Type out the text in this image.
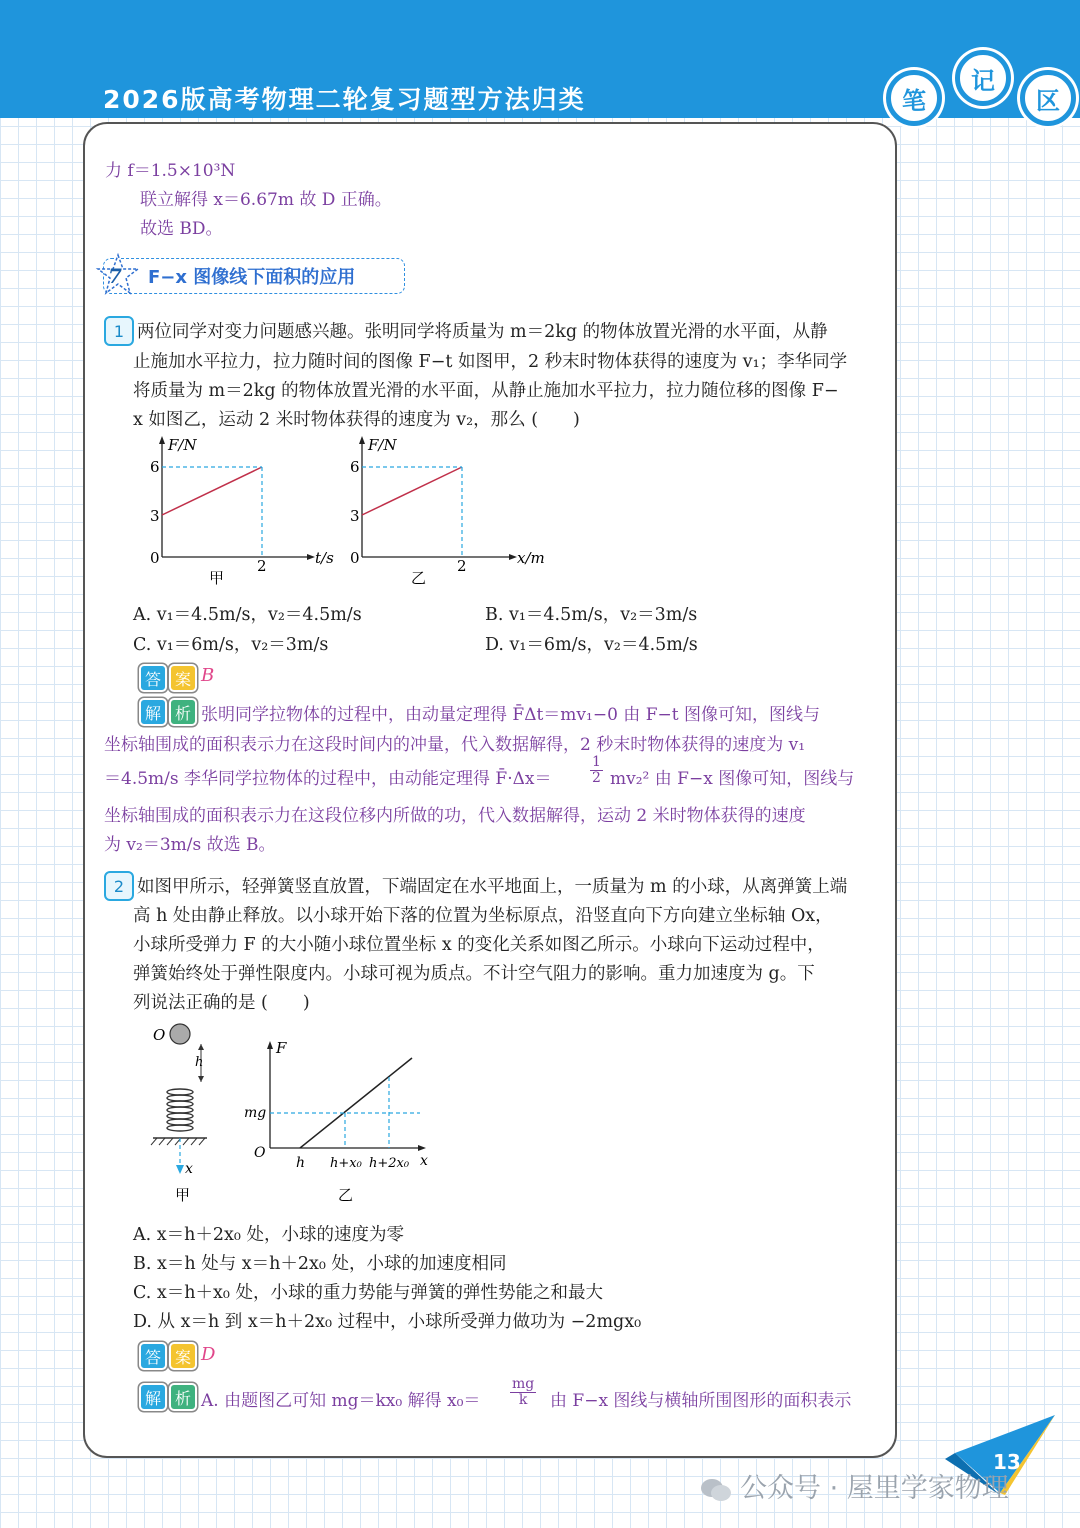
2026版高考物理二轮复习题型方法归类	笔
记
区
力 f＝1.5×10³N
联立解得 x＝6.67m 故 D 正确。
故选 BD。
7	F−x 图像线下面积的应用
1 两位同学对变力问题感兴趣。张明同学将质量为 m＝2kg 的物体放置光滑的水平面，从静
止施加水平拉力，拉力随时间的图像 F−t 如图甲，2 秒末时物体获得的速度为 v₁；李华同学
将质量为 m＝2kg 的物体放置光滑的水平面，从静止施加水平拉力，拉力随位移的图像 F−
x 如图乙，运动 2 米时物体获得的速度为 v₂，那么 (　　)
F/N
6
3
0	2	t/s
甲
F/N
6
3
0	2	x/m
乙
A. v₁＝4.5m/s，v₂＝4.5m/s	B. v₁＝4.5m/s，v₂＝3m/s
C. v₁＝6m/s，v₂＝3m/s	D. v₁＝6m/s，v₂＝4.5m/s
答 案 B
解 析 张明同学拉物体的过程中，由动量定理得 F̄Δt＝mv₁−0 由 F−t 图像可知，图线与
坐标轴围成的面积表示力在这段时间内的冲量，代入数据解得，2 秒末时物体获得的速度为 v₁
＝4.5m/s 李华同学拉物体的过程中，由动能定理得 F̄·Δx＝	$\frac{1}{2} mv_2^2$ 由 F−x 图像可知，图线与
坐标轴围成的面积表示力在这段位移内所做的功，代入数据解得，运动 2 米时物体获得的速度
为 v₂＝3m/s 故选 B。
2 如图甲所示，轻弹簧竖直放置，下端固定在水平地面上，一质量为 m 的小球，从离弹簧上端
高 h 处由静止释放。以小球开始下落的位置为坐标原点，沿竖直向下方向建立坐标轴 Ox，
小球所受弹力 F 的大小随小球位置坐标 x 的变化关系如图乙所示。小球向下运动过程中，
弹簧始终处于弹性限度内。小球可视为质点。不计空气阻力的影响。重力加速度为 g。下
列说法正确的是 (　　)
O
h
x
甲
F
mg
O
h h+x₀ h+2x₀ x
乙
A. x＝h＋2x₀ 处，小球的速度为零
B. x＝h 处与 x＝h＋2x₀ 处，小球的加速度相同
C. x＝h＋x₀ 处，小球的重力势能与弹簧的弹性势能之和最大
D. 从 x＝h 到 x＝h＋2x₀ 过程中，小球所受弹力做功为 −2mgx₀
答 案 D
解 析 A. 由题图乙可知 mg＝kx₀ 解得 $x_0= \frac{mg}{k}$ 由 F−x 图线与横轴所围图形的面积表示
13
公众号 · 屋里学家物理
